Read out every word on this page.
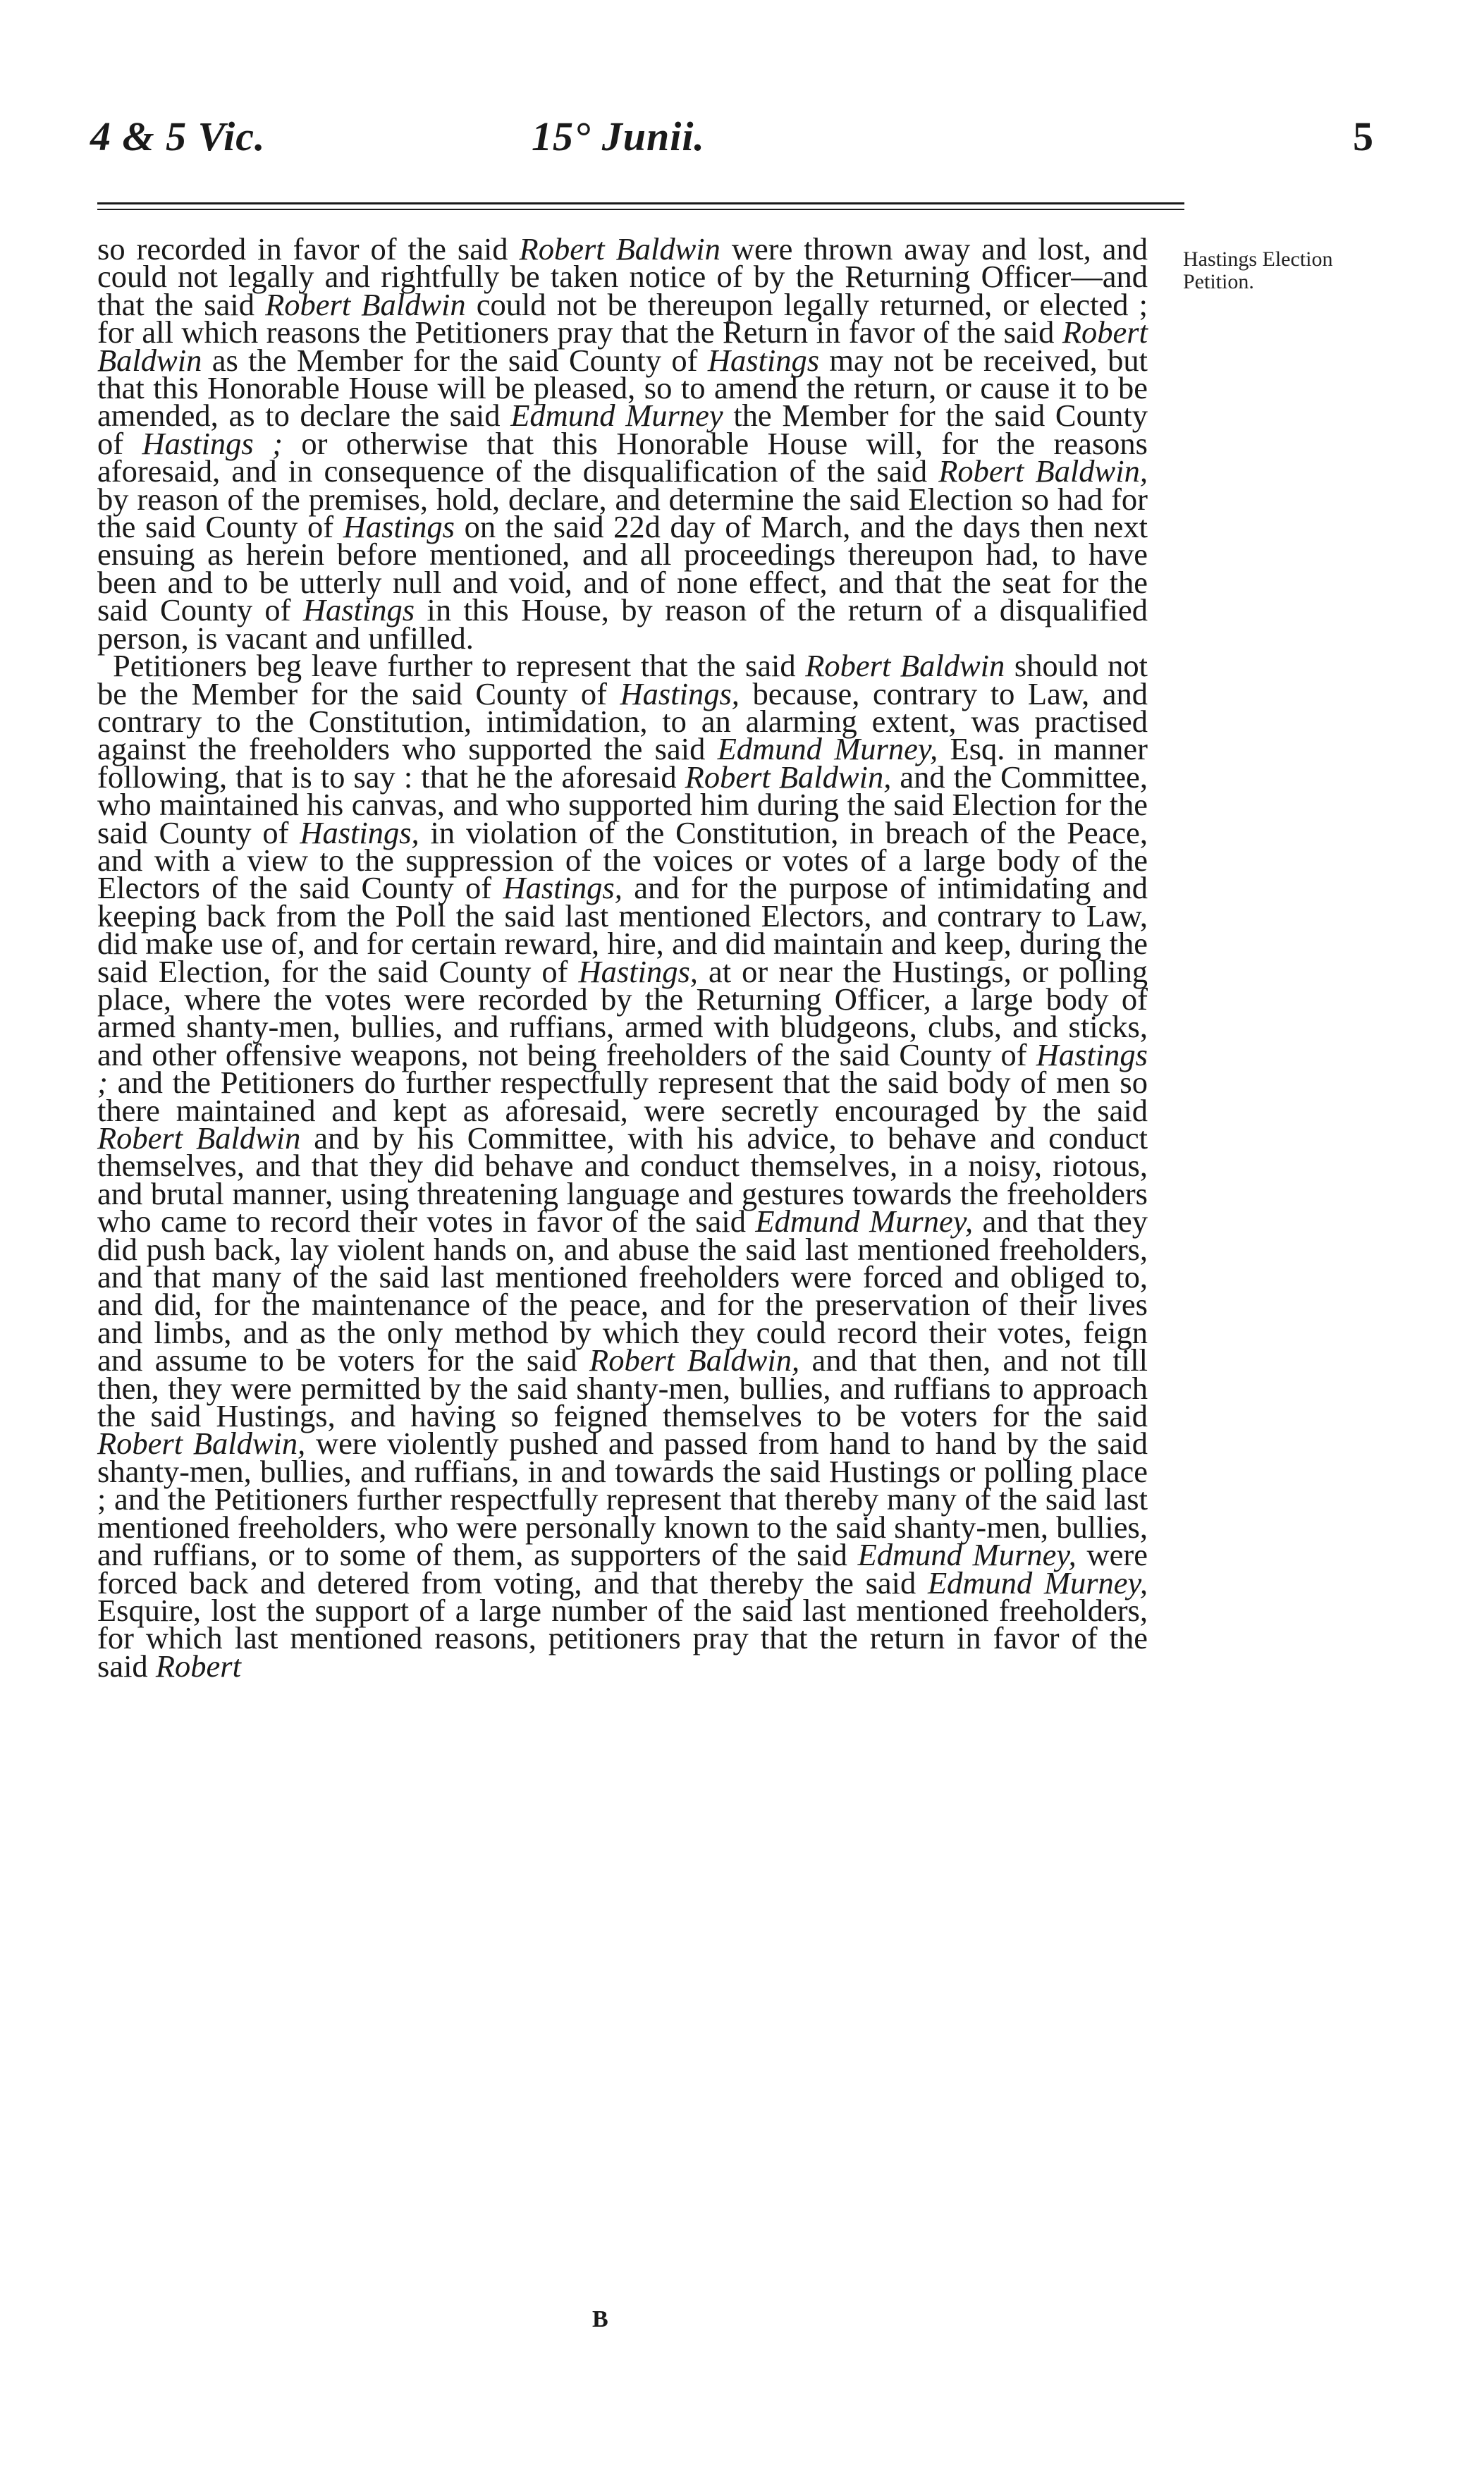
4 & 5 Vic.	15° Junii.	5
Hastings Election Petition.

so recorded in favor of the said Robert Baldwin were thrown away and lost, and could not legally and rightfully be taken notice of by the Returning Officer—and that the said Robert Baldwin could not be thereupon legally returned, or elected ; for all which reasons the Petitioners pray that the Return in favor of the said Robert Baldwin as the Member for the said County of Hastings may not be received, but that this Honorable House will be pleased, so to amend the return, or cause it to be amended, as to declare the said Edmund Murney the Member for the said County of Hastings ; or otherwise that this Honorable House will, for the reasons aforesaid, and in consequence of the disqualification of the said Robert Baldwin, by reason of the premises, hold, declare, and determine the said Election so had for the said County of Hastings on the said 22d day of March, and the days then next ensuing as herein before mentioned, and all proceedings thereupon had, to have been and to be utterly null and void, and of none effect, and that the seat for the said County of Hastings in this House, by reason of the return of a disqualified person, is vacant and unfilled.

Petitioners beg leave further to represent that the said Robert Baldwin should not be the Member for the said County of Hastings, because, contrary to Law, and contrary to the Constitution, intimidation, to an alarming extent, was practised against the freeholders who supported the said Edmund Murney, Esq. in manner following, that is to say : that he the aforesaid Robert Baldwin, and the Committee, who maintained his canvas, and who supported him during the said Election for the said County of Hastings, in violation of the Constitution, in breach of the Peace, and with a view to the suppression of the voices or votes of a large body of the Electors of the said County of Hastings, and for the purpose of intimidating and keeping back from the Poll the said last mentioned Electors, and contrary to Law, did make use of, and for certain reward, hire, and did maintain and keep, during the said Election, for the said County of Hastings, at or near the Hustings, or polling place, where the votes were recorded by the Returning Officer, a large body of armed shanty-men, bullies, and ruffians, armed with bludgeons, clubs, and sticks, and other offensive weapons, not being freeholders of the said County of Hastings ; and the Petitioners do further respectfully represent that the said body of men so there maintained and kept as aforesaid, were secretly encouraged by the said Robert Baldwin and by his Committee, with his advice, to behave and conduct themselves, and that they did behave and conduct themselves, in a noisy, riotous, and brutal manner, using threatening language and gestures towards the freeholders who came to record their votes in favor of the said Edmund Murney, and that they did push back, lay violent hands on, and abuse the said last mentioned freeholders, and that many of the said last mentioned freeholders were forced and obliged to, and did, for the maintenance of the peace, and for the preservation of their lives and limbs, and as the only method by which they could record their votes, feign and assume to be voters for the said Robert Baldwin, and that then, and not till then, they were permitted by the said shanty-men, bullies, and ruffians to approach the said Hustings, and having so feigned themselves to be voters for the said Robert Baldwin, were violently pushed and passed from hand to hand by the said shanty-men, bullies, and ruffians, in and towards the said Hustings or polling place ; and the Petitioners further respectfully represent that thereby many of the said last mentioned freeholders, who were personally known to the said shanty-men, bullies, and ruffians, or to some of them, as supporters of the said Edmund Murney, were forced back and detered from voting, and that thereby the said Edmund Murney, Esquire, lost the support of a large number of the said last mentioned freeholders, for which last mentioned reasons, petitioners pray that the return in favor of the said Robert

B
